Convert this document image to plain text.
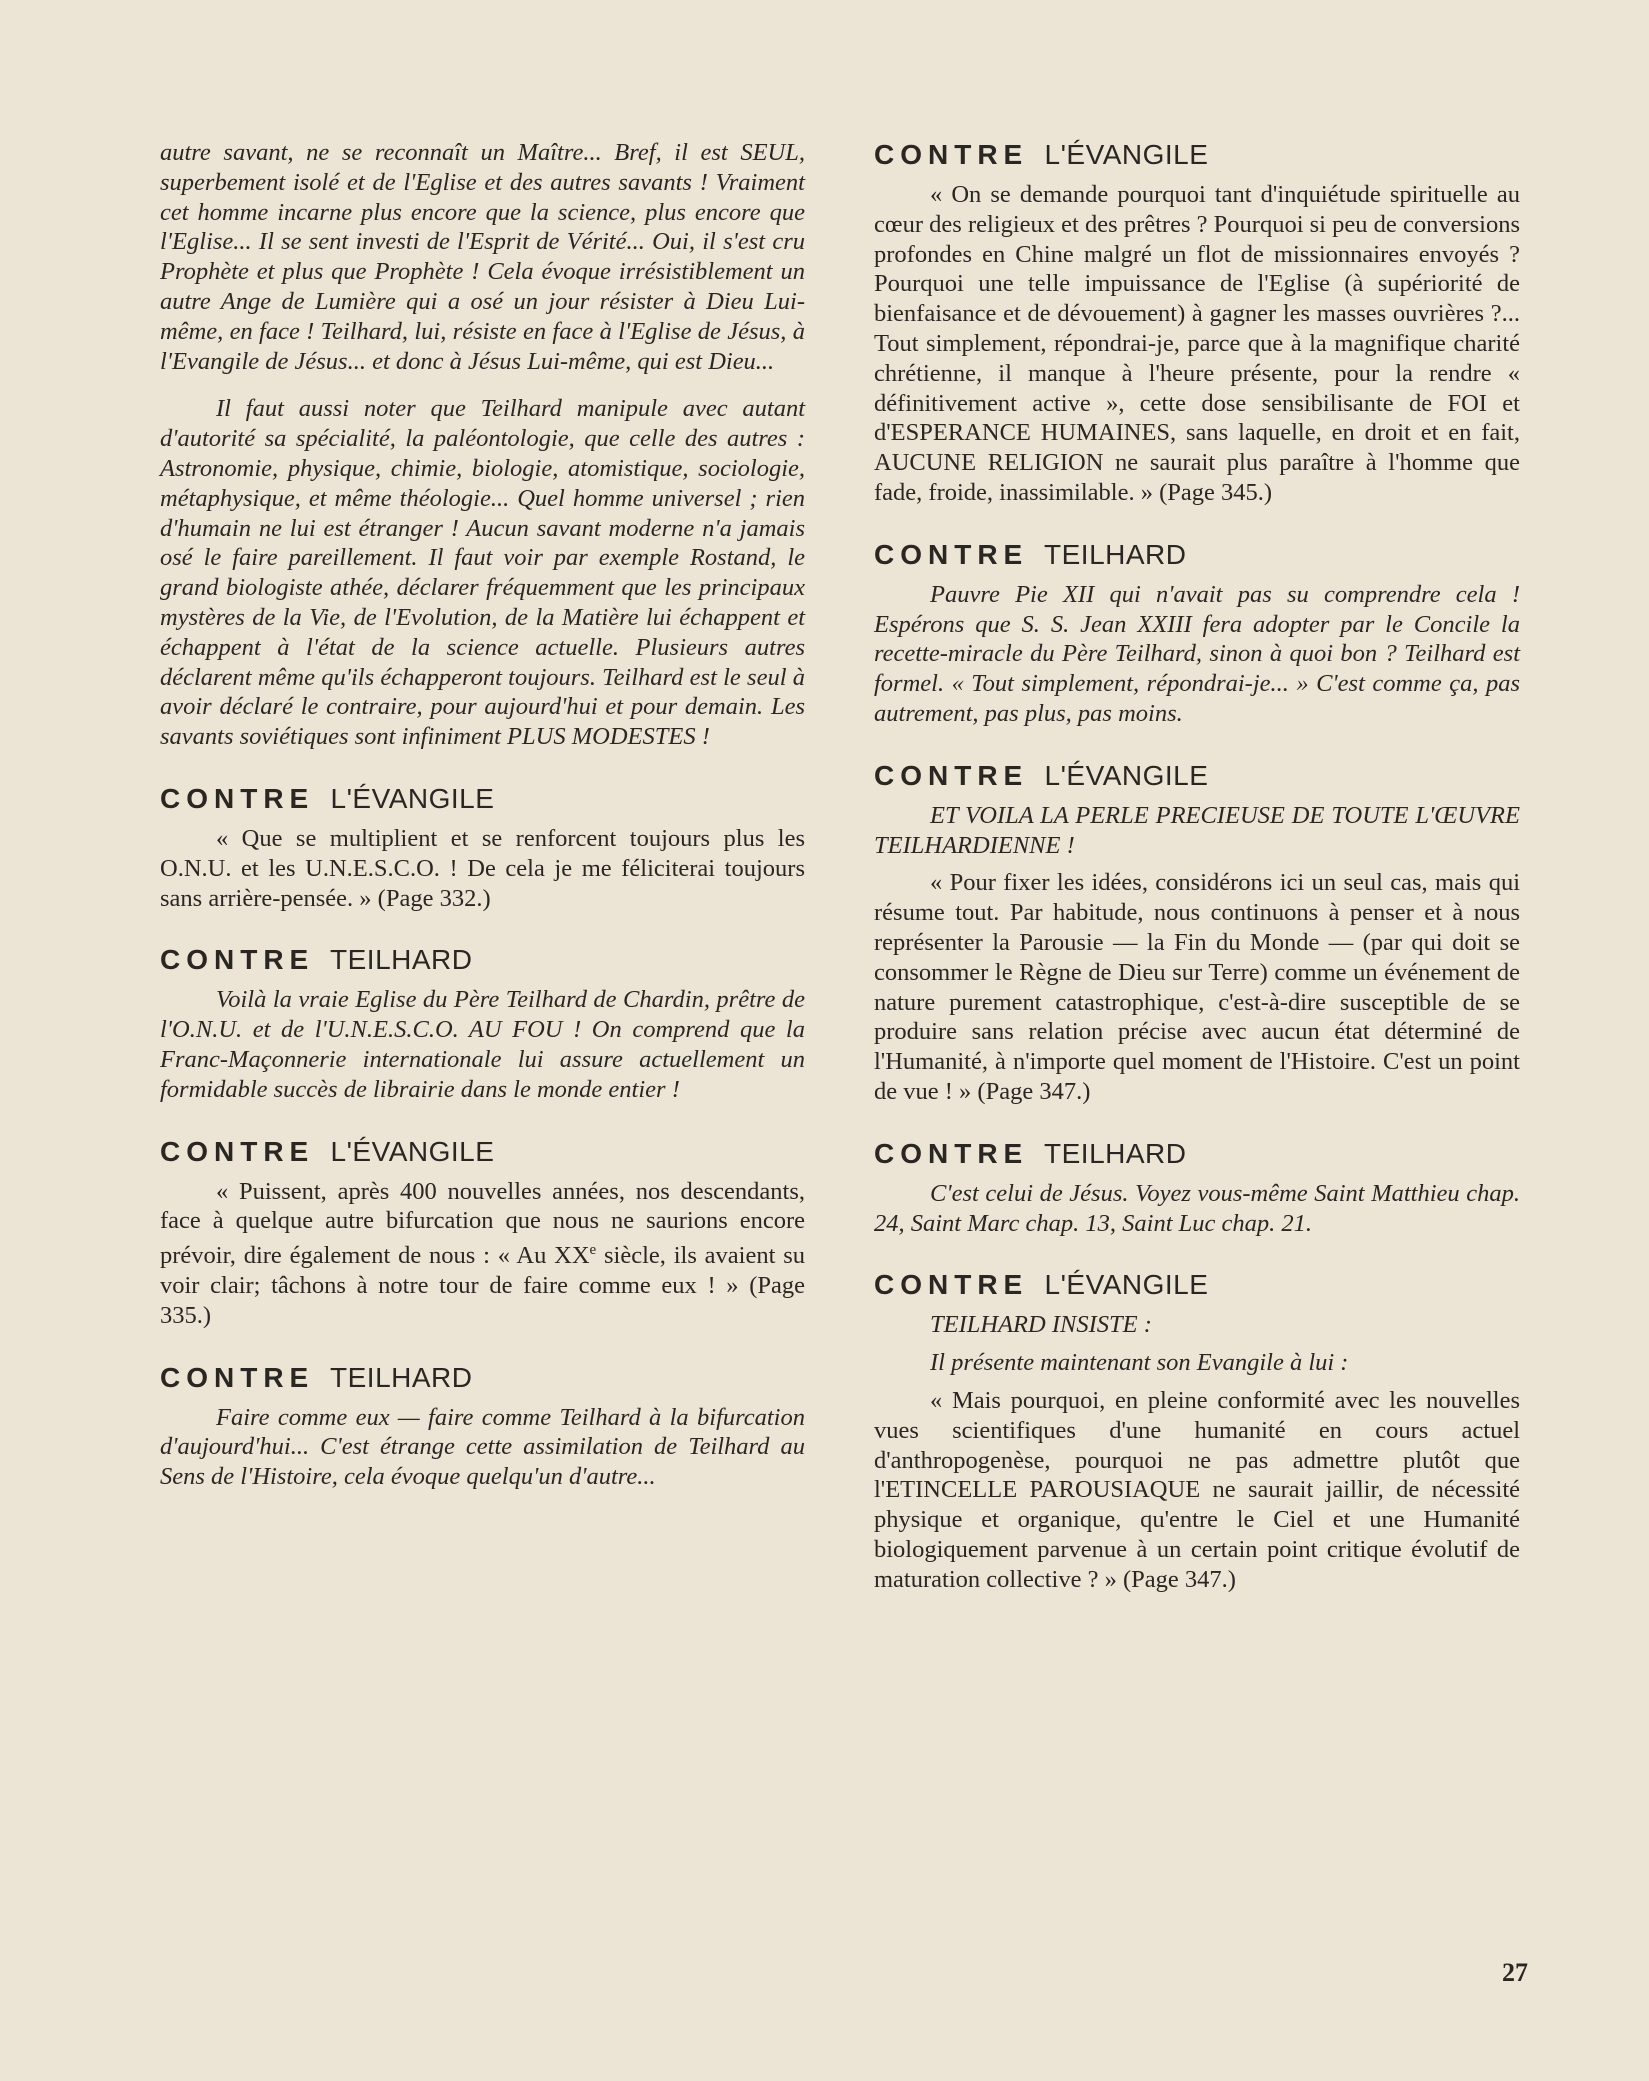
autre savant, ne se reconnaît un Maître... Bref, il est SEUL, superbement isolé et de l'Eglise et des autres savants ! Vraiment cet homme incarne plus encore que la science, plus encore que l'Eglise... Il se sent investi de l'Esprit de Vérité... Oui, il s'est cru Prophète et plus que Prophète ! Cela évoque irrésistiblement un autre Ange de Lumière qui a osé un jour résister à Dieu Lui-même, en face ! Teilhard, lui, résiste en face à l'Eglise de Jésus, à l'Evangile de Jésus... et donc à Jésus Lui-même, qui est Dieu...

Il faut aussi noter que Teilhard manipule avec autant d'autorité sa spécialité, la paléontologie, que celle des autres : Astronomie, physique, chimie, biologie, atomistique, sociologie, métaphysique, et même théologie... Quel homme universel ; rien d'humain ne lui est étranger ! Aucun savant moderne n'a jamais osé le faire pareillement. Il faut voir par exemple Rostand, le grand biologiste athée, déclarer fréquemment que les principaux mystères de la Vie, de l'Evolution, de la Matière lui échappent et échappent à l'état de la science actuelle. Plusieurs autres déclarent même qu'ils échapperont toujours. Teilhard est le seul à avoir déclaré le contraire, pour aujourd'hui et pour demain. Les savants soviétiques sont infiniment PLUS MODESTES !

CONTRE L'ÉVANGILE

« Que se multiplient et se renforcent toujours plus les O.N.U. et les U.N.E.S.C.O. ! De cela je me féliciterai toujours sans arrière-pensée. » (Page 332.)

CONTRE TEILHARD

Voilà la vraie Eglise du Père Teilhard de Chardin, prêtre de l'O.N.U. et de l'U.N.E.S.C.O. AU FOU ! On comprend que la Franc-Maçonnerie internationale lui assure actuellement un formidable succès de librairie dans le monde entier !

CONTRE L'ÉVANGILE

« Puissent, après 400 nouvelles années, nos descendants, face à quelque autre bifurcation que nous ne saurions encore prévoir, dire également de nous : « Au XXe siècle, ils avaient su voir clair; tâchons à notre tour de faire comme eux ! » (Page 335.)

CONTRE TEILHARD

Faire comme eux — faire comme Teilhard à la bifurcation d'aujourd'hui... C'est étrange cette assimilation de Teilhard au Sens de l'Histoire, cela évoque quelqu'un d'autre...

CONTRE L'ÉVANGILE

« On se demande pourquoi tant d'inquiétude spirituelle au cœur des religieux et des prêtres ? Pourquoi si peu de conversions profondes en Chine malgré un flot de missionnaires envoyés ? Pourquoi une telle impuissance de l'Eglise (à supériorité de bienfaisance et de dévouement) à gagner les masses ouvrières ?... Tout simplement, répondrai-je, parce que à la magnifique charité chrétienne, il manque à l'heure présente, pour la rendre « définitivement active », cette dose sensibilisante de FOI et d'ESPERANCE HUMAINES, sans laquelle, en droit et en fait, AUCUNE RELIGION ne saurait plus paraître à l'homme que fade, froide, inassimilable. » (Page 345.)

CONTRE TEILHARD

Pauvre Pie XII qui n'avait pas su comprendre cela ! Espérons que S. S. Jean XXIII fera adopter par le Concile la recette-miracle du Père Teilhard, sinon à quoi bon ? Teilhard est formel. « Tout simplement, répondrai-je... » C'est comme ça, pas autrement, pas plus, pas moins.

CONTRE L'ÉVANGILE

ET VOILA LA PERLE PRECIEUSE DE TOUTE L'ŒUVRE TEILHARDIENNE !

« Pour fixer les idées, considérons ici un seul cas, mais qui résume tout. Par habitude, nous continuons à penser et à nous représenter la Parousie — la Fin du Monde — (par qui doit se consommer le Règne de Dieu sur Terre) comme un événement de nature purement catastrophique, c'est-à-dire susceptible de se produire sans relation précise avec aucun état déterminé de l'Humanité, à n'importe quel moment de l'Histoire. C'est un point de vue ! » (Page 347.)

CONTRE TEILHARD

C'est celui de Jésus. Voyez vous-même Saint Matthieu chap. 24, Saint Marc chap. 13, Saint Luc chap. 21.

CONTRE L'ÉVANGILE

TEILHARD INSISTE :

Il présente maintenant son Evangile à lui :

« Mais pourquoi, en pleine conformité avec les nouvelles vues scientifiques d'une humanité en cours actuel d'anthropogenèse, pourquoi ne pas admettre plutôt que l'ETINCELLE PAROUSIAQUE ne saurait jaillir, de nécessité physique et organique, qu'entre le Ciel et une Humanité biologiquement parvenue à un certain point critique évolutif de maturation collective ? » (Page 347.)

27
